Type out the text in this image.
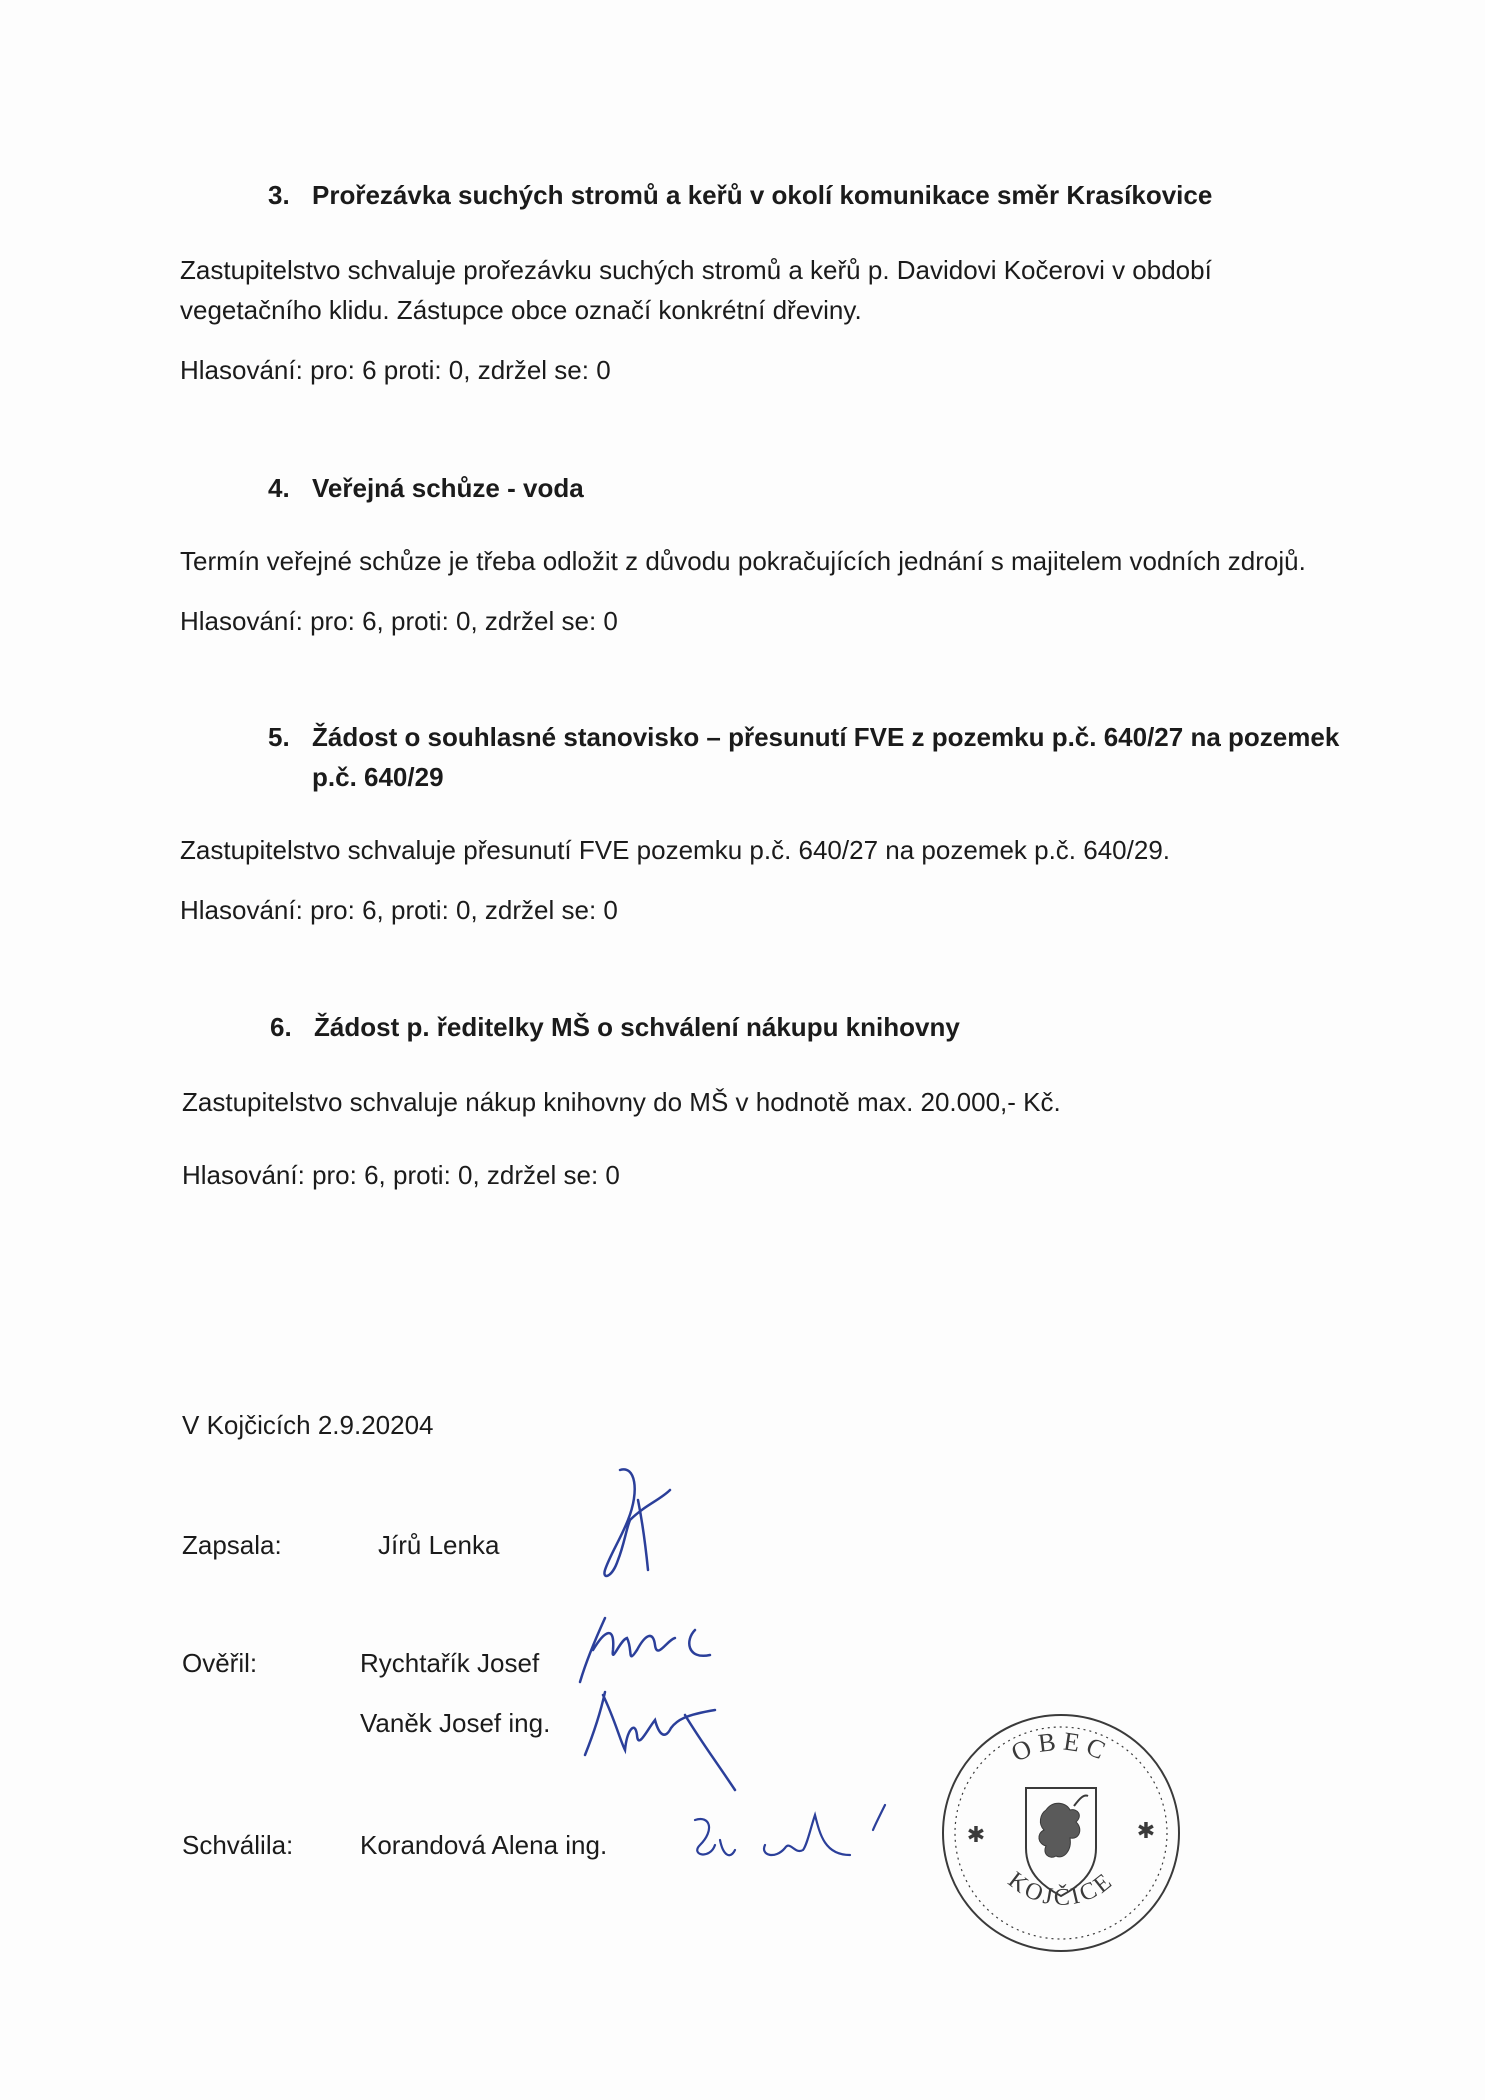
3. Prořezávka suchých stromů a keřů v okolí komunikace směr Krasíkovice
Zastupitelstvo schvaluje prořezávku suchých stromů a keřů p. Davidovi Kočerovi v období
vegetačního klidu. Zástupce obce označí konkrétní dřeviny.
Hlasování: pro: 6 proti: 0, zdržel se: 0
4. Veřejná schůze - voda
Termín veřejné schůze je třeba odložit z důvodu pokračujících jednání s majitelem vodních zdrojů.
Hlasování: pro: 6, proti: 0, zdržel se: 0
5. Žádost o souhlasné stanovisko – přesunutí FVE z pozemku p.č. 640/27 na pozemek
p.č. 640/29
Zastupitelstvo schvaluje přesunutí FVE pozemku p.č. 640/27 na pozemek p.č. 640/29.
Hlasování: pro: 6, proti: 0, zdržel se: 0
6. Žádost p. ředitelky MŠ o schválení nákupu knihovny
Zastupitelstvo schvaluje nákup knihovny do MŠ v hodnotě max. 20.000,- Kč.
Hlasování: pro: 6, proti: 0, zdržel se: 0
V Kojčicích 2.9.20204
Zapsala:	Jírů Lenka
Ověřil:	Rychtařík Josef
Vaněk Josef ing.
Schválila:	Korandová Alena ing.
OBEC
KOJČICE
✱	✱
